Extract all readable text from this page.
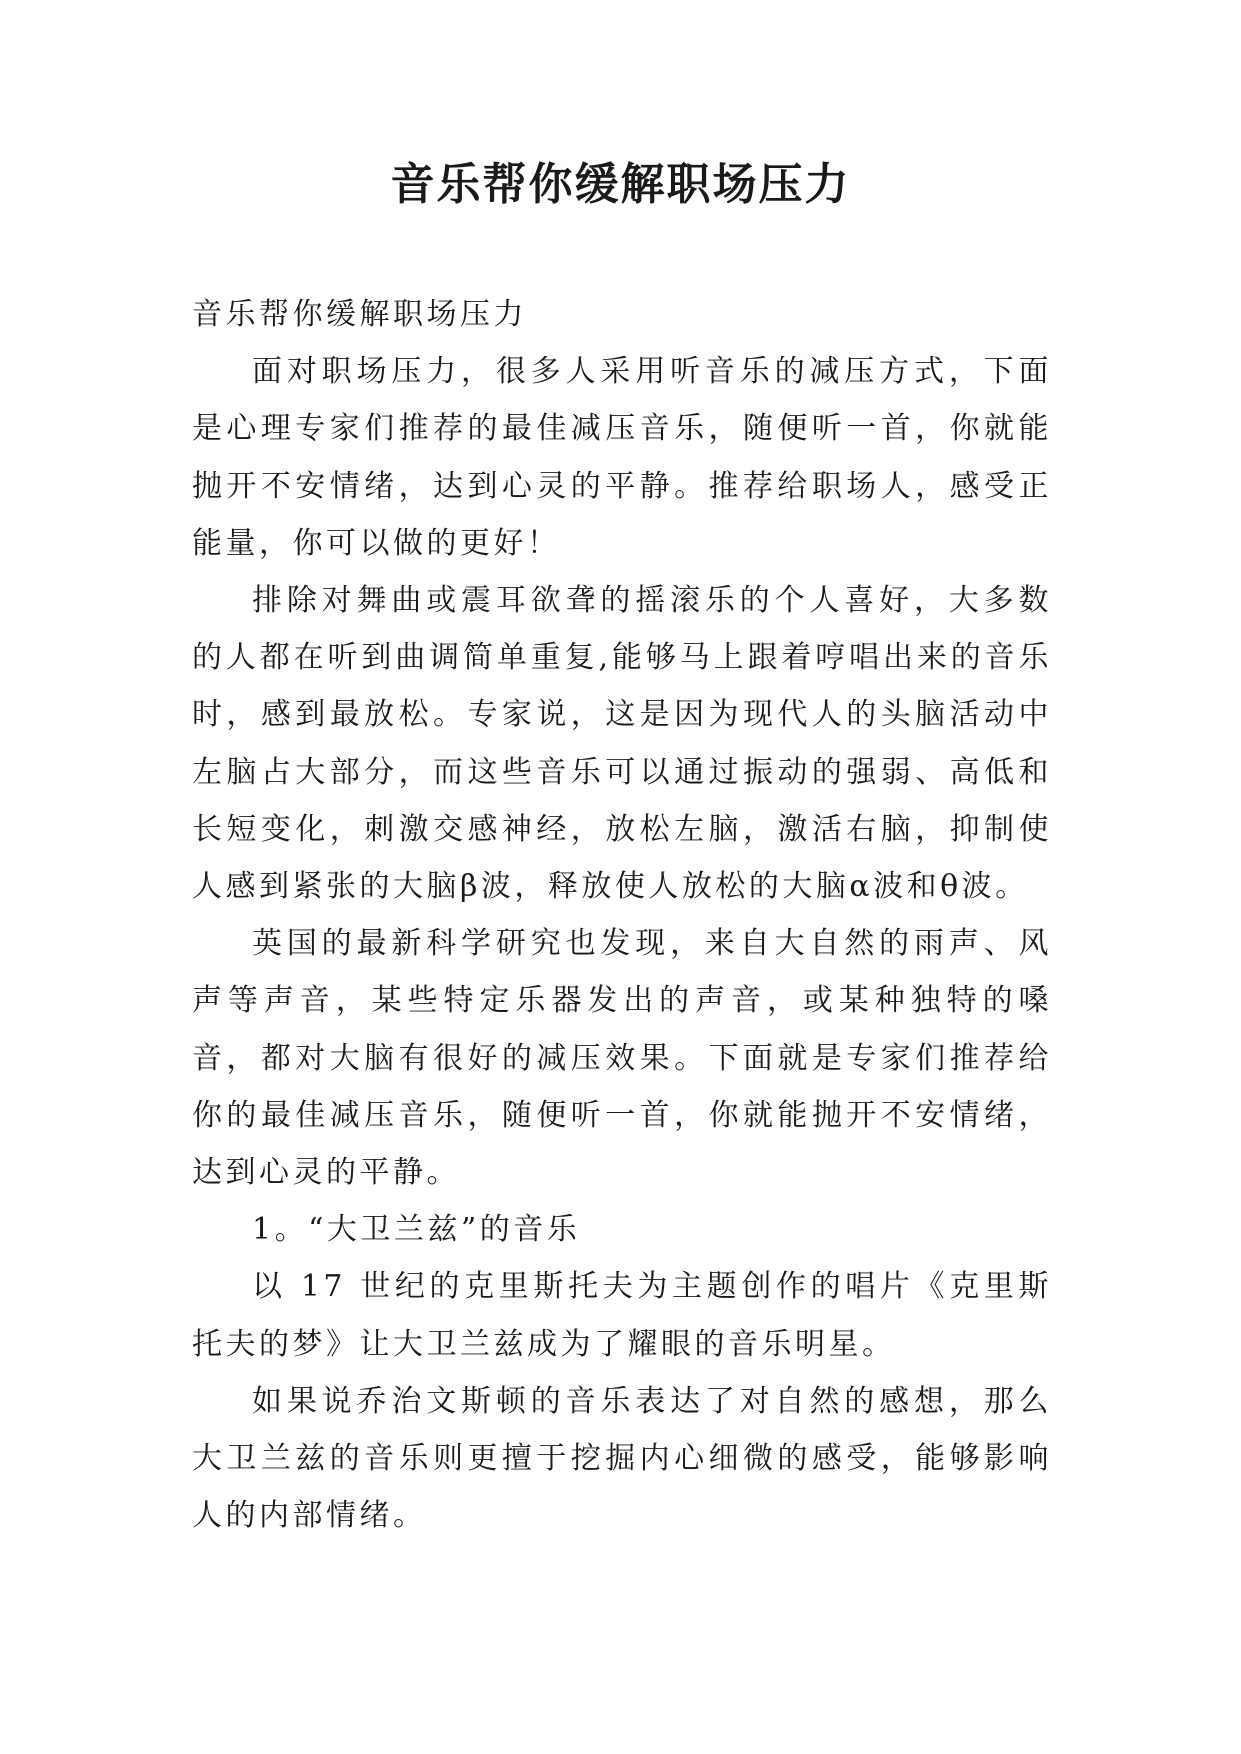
音乐帮你缓解职场压力

音乐帮你缓解职场压力

面对职场压力，很多人采用听音乐的减压方式，下面是心理专家们推荐的最佳减压音乐，随便听一首，你就能抛开不安情绪，达到心灵的平静。推荐给职场人，感受正能量，你可以做的更好！

排除对舞曲或震耳欲聋的摇滚乐的个人喜好，大多数的人都在听到曲调简单重复,能够马上跟着哼唱出来的音乐时，感到最放松。专家说，这是因为现代人的头脑活动中左脑占大部分，而这些音乐可以通过振动的强弱、高低和长短变化，刺激交感神经，放松左脑，激活右脑，抑制使人感到紧张的大脑β波，释放使人放松的大脑α波和θ波。

英国的最新科学研究也发现，来自大自然的雨声、风声等声音，某些特定乐器发出的声音，或某种独特的嗓音，都对大脑有很好的减压效果。下面就是专家们推荐给你的最佳减压音乐，随便听一首，你就能抛开不安情绪，达到心灵的平静。

1。“大卫兰兹”的音乐

以 17 世纪的克里斯托夫为主题创作的唱片《克里斯托夫的梦》让大卫兰兹成为了耀眼的音乐明星。

如果说乔治文斯顿的音乐表达了对自然的感想，那么大卫兰兹的音乐则更擅于挖掘内心细微的感受，能够影响人的内部情绪。
